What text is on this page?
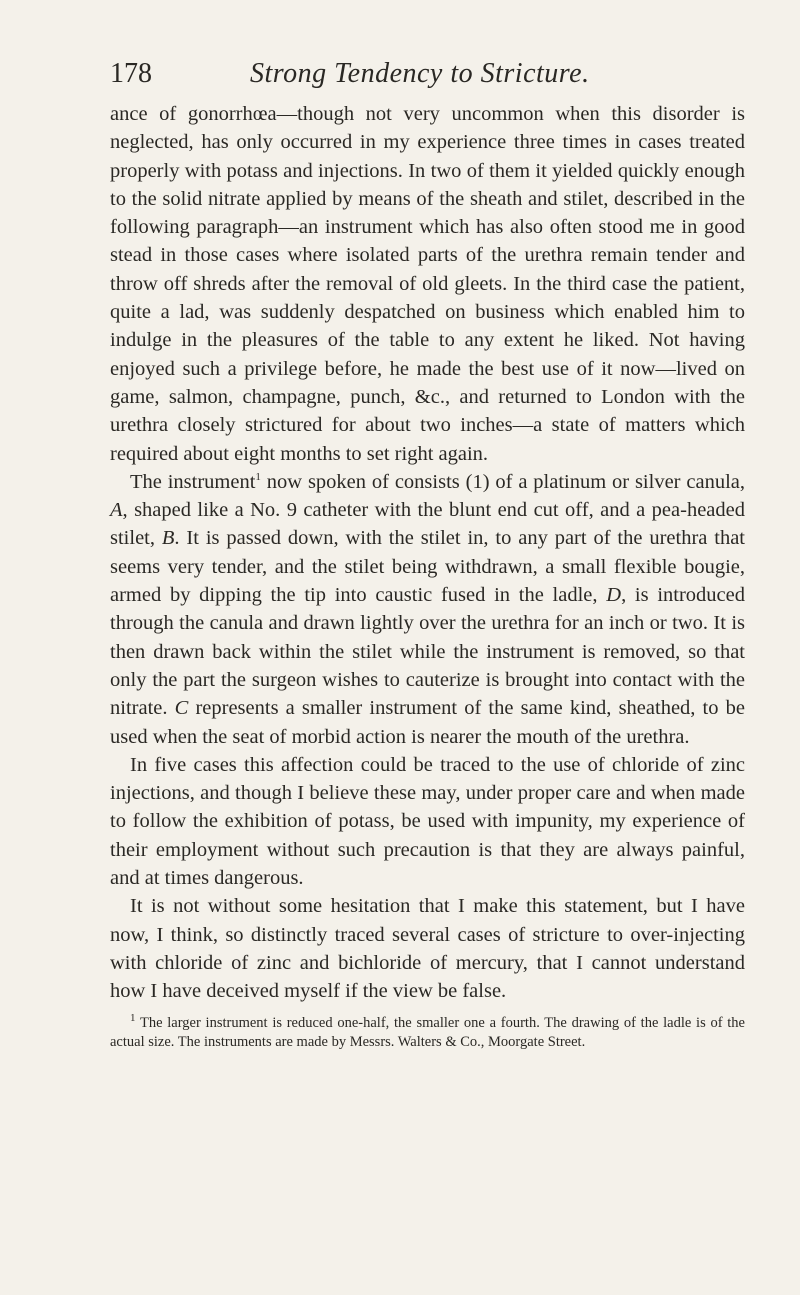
178	Strong Tendency to Stricture.

ance of gonorrhœa—though not very uncommon when this disorder is neglected, has only occurred in my experience three times in cases treated properly with potass and injections. In two of them it yielded quickly enough to the solid nitrate applied by means of the sheath and stilet, described in the following paragraph—an instrument which has also often stood me in good stead in those cases where isolated parts of the urethra remain tender and throw off shreds after the removal of old gleets. In the third case the patient, quite a lad, was suddenly despatched on business which enabled him to indulge in the pleasures of the table to any extent he liked. Not having enjoyed such a privilege before, he made the best use of it now—lived on game, salmon, champagne, punch, &c., and returned to London with the urethra closely strictured for about two inches—a state of matters which required about eight months to set right again.

The instrument$^1$ now spoken of consists (1) of a platinum or silver canula, A, shaped like a No. 9 catheter with the blunt end cut off, and a pea-headed stilet, B. It is passed down, with the stilet in, to any part of the urethra that seems very tender, and the stilet being withdrawn, a small flexible bougie, armed by dipping the tip into caustic fused in the ladle, D, is introduced through the canula and drawn lightly over the urethra for an inch or two. It is then drawn back within the stilet while the instrument is removed, so that only the part the surgeon wishes to cauterize is brought into contact with the nitrate. C represents a smaller instrument of the same kind, sheathed, to be used when the seat of morbid action is nearer the mouth of the urethra.

In five cases this affection could be traced to the use of chloride of zinc injections, and though I believe these may, under proper care and when made to follow the exhibition of potass, be used with impunity, my experience of their employment without such precaution is that they are always painful, and at times dangerous.

It is not without some hesitation that I make this statement, but I have now, I think, so distinctly traced several cases of stricture to over-injecting with chloride of zinc and bichloride of mercury, that I cannot understand how I have deceived myself if the view be false.

$^1$ The larger instrument is reduced one-half, the smaller one a fourth. The drawing of the ladle is of the actual size. The instruments are made by Messrs. Walters & Co., Moorgate Street.
